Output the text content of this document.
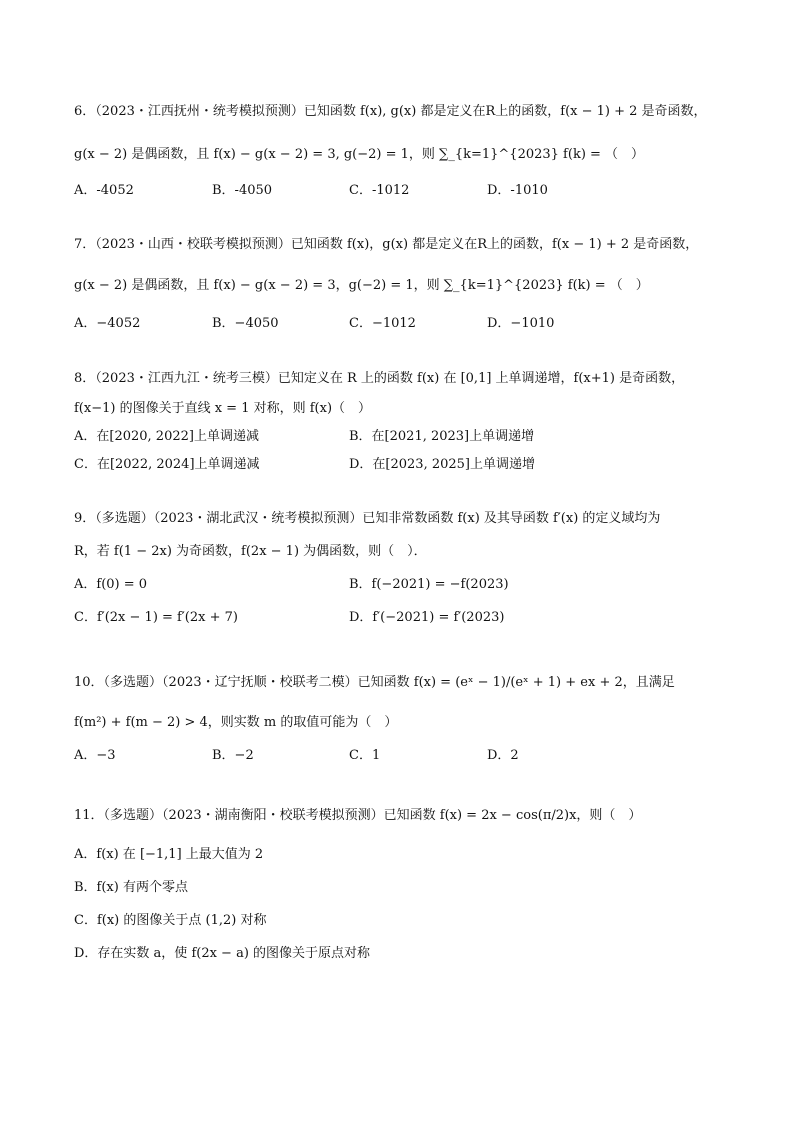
6．（2023・江西抚州・统考模拟预测）已知函数 f(x), g(x) 都是定义在R上的函数，f(x − 1) + 2 是奇函数，
g(x − 2) 是偶函数，且 f(x) − g(x − 2) = 3, g(−2) = 1，则 ∑_{k=1}^{2023} f(k) = （　）
A．-4052	B．-4050	C．-1012	D．-1010
7．（2023・山西・校联考模拟预测）已知函数 f(x)，g(x) 都是定义在R上的函数，f(x − 1) + 2 是奇函数，
g(x − 2) 是偶函数，且 f(x) − g(x − 2) = 3，g(−2) = 1，则 ∑_{k=1}^{2023} f(k) = （　）
A．−4052	B．−4050	C．−1012	D．−1010
8．（2023・江西九江・统考三模）已知定义在 R 上的函数 f(x) 在 [0,1] 上单调递增，f(x+1) 是奇函数，
f(x−1) 的图像关于直线 x = 1 对称，则 f(x)（　）
A．在[2020, 2022]上单调递减	B．在[2021, 2023]上单调递增
C．在[2022, 2024]上单调递减	D．在[2023, 2025]上单调递增
9．（多选题）（2023・湖北武汉・统考模拟预测）已知非常数函数 f(x) 及其导函数 f′(x) 的定义域均为
R，若 f(1 − 2x) 为奇函数，f(2x − 1) 为偶函数，则（　）．
A．f(0) = 0	B．f(−2021) = −f(2023)
C．f′(2x − 1) = f′(2x + 7)	D．f′(−2021) = f′(2023)
10．（多选题）（2023・辽宁抚顺・校联考二模）已知函数 f(x) = (eˣ − 1)/(eˣ + 1) + ex + 2，且满足
f(m²) + f(m − 2) > 4，则实数 m 的取值可能为（　）
A．−3	B．−2	C．1	D．2
11．（多选题）（2023・湖南衡阳・校联考模拟预测）已知函数 f(x) = 2x − cos(π/2)x，则（　）
A．f(x) 在 [−1,1] 上最大值为 2
B．f(x) 有两个零点
C．f(x) 的图像关于点 (1,2) 对称
D．存在实数 a，使 f(2x − a) 的图像关于原点对称
